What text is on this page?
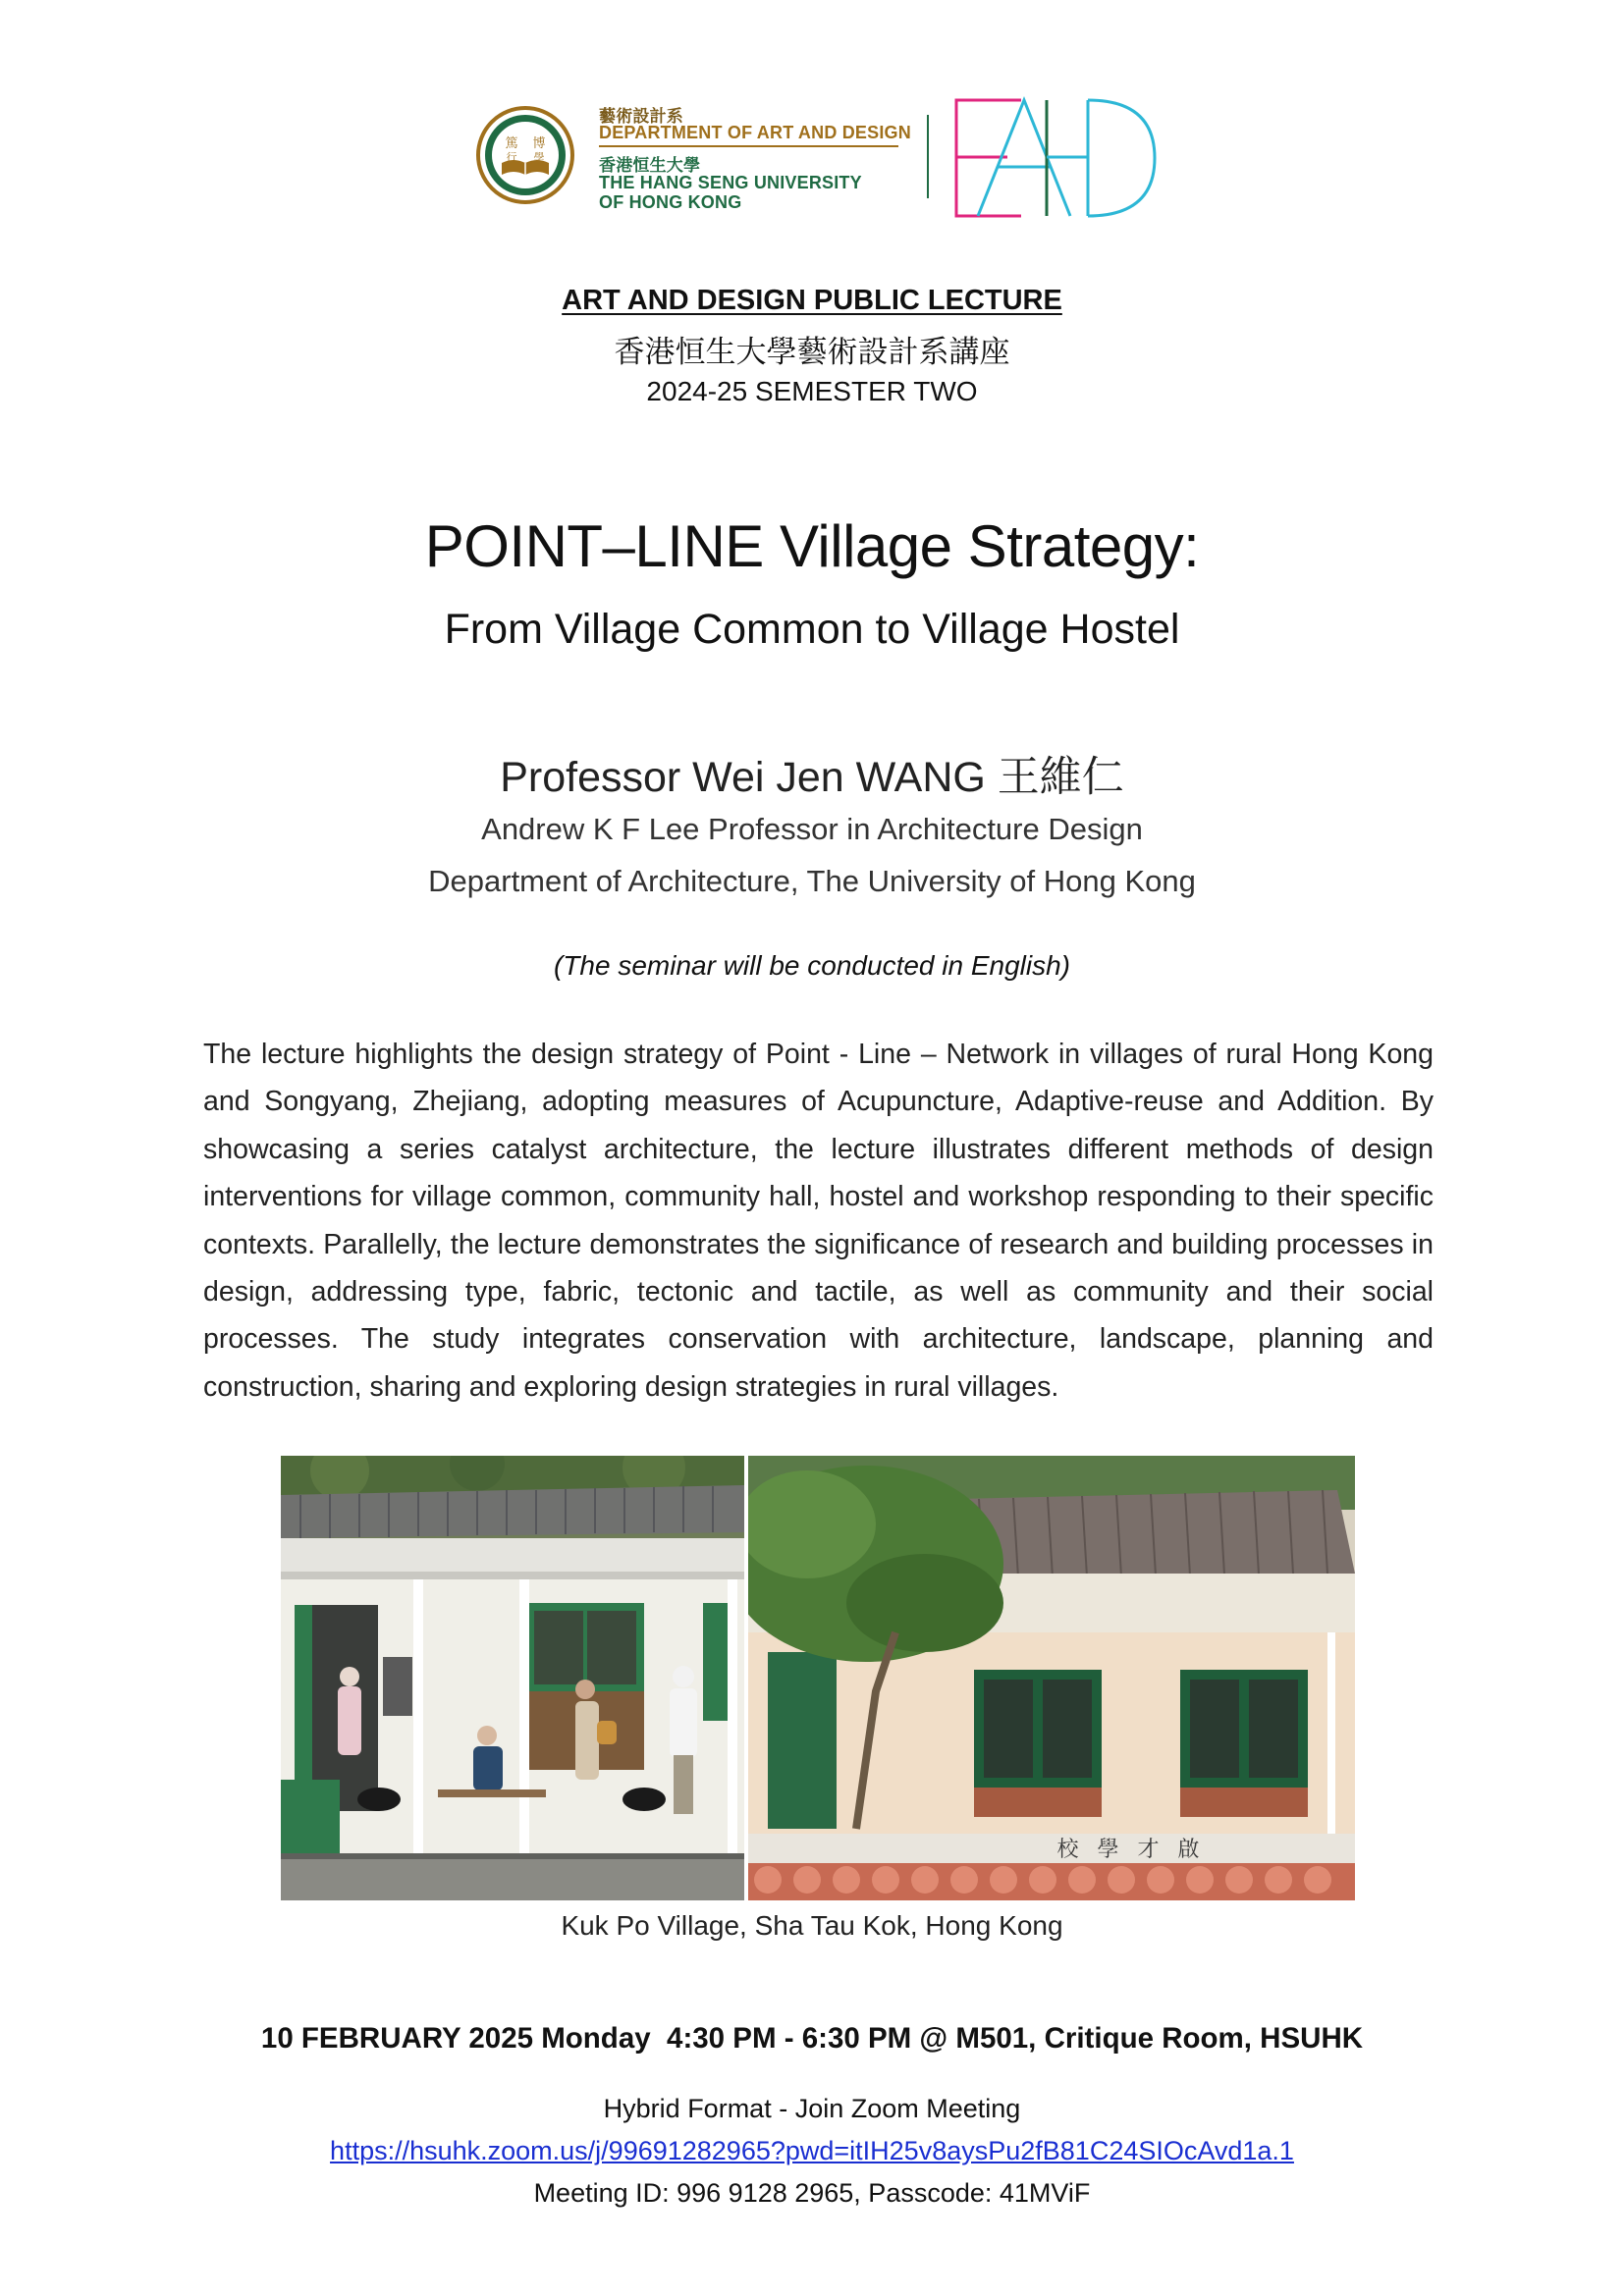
篤 博
行 學
藝術設計系
DEPARTMENT OF ART AND DESIGN
香港恒生大學
THE HANG SENG UNIVERSITY
OF HONG KONG
ART AND DESIGN PUBLIC LECTURE
香港恒生大學藝術設計系講座
2024-25 SEMESTER TWO
POINT–LINE Village Strategy:
From Village Common to Village Hostel
Professor Wei Jen WANG 王維仁
Andrew K F Lee Professor in Architecture Design
Department of Architecture, The University of Hong Kong
(The seminar will be conducted in English)
The lecture highlights the design strategy of Point - Line – Network in villages of rural Hong Kong and Songyang, Zhejiang, adopting measures of Acupuncture, Adaptive-reuse and Addition. By showcasing a series catalyst architecture, the lecture illustrates different methods of design interventions for village common, community hall, hostel and workshop responding to their specific contexts. Parallelly, the lecture demonstrates the significance of research and building processes in design, addressing type, fabric, tectonic and tactile, as well as community and their social processes. The study integrates conservation with architecture, landscape, planning and construction, sharing and exploring design strategies in rural villages.
校 學 才 啟
Kuk Po Village, Sha Tau Kok, Hong Kong
10 FEBRUARY 2025 Monday  4:30 PM - 6:30 PM @ M501, Critique Room, HSUHK
Hybrid Format - Join Zoom Meeting
https://hsuhk.zoom.us/j/99691282965?pwd=itIH25v8aysPu2fB81C24SIOcAvd1a.1
Meeting ID: 996 9128 2965, Passcode: 41MViF
